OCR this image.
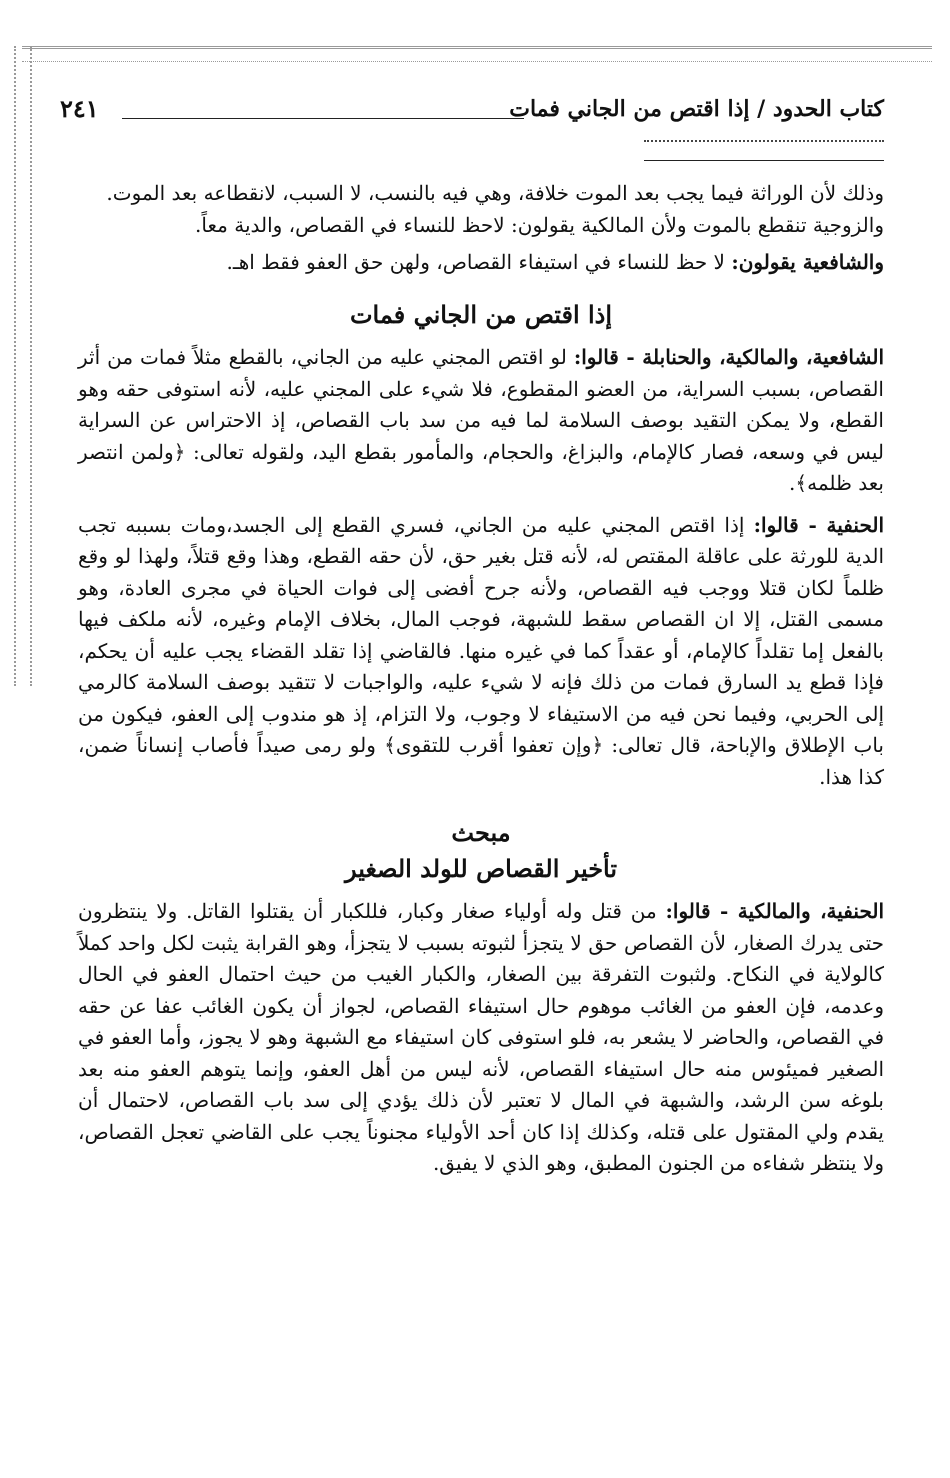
كتاب الحدود / إذا اقتص من الجاني فمات
٢٤١

وذلك لأن الوراثة فيما يجب بعد الموت خلافة، وهي فيه بالنسب، لا السبب، لانقطاعه بعد الموت.

والزوجية تنقطع بالموت ولأن المالكية يقولون: لاحظ للنساء في القصاص، والدية معاً.

والشافعية يقولون: لا حظ للنساء في استيفاء القصاص، ولهن حق العفو فقط اهـ.

إذا اقتص من الجاني فمات

الشافعية، والمالكية، والحنابلة - قالوا: لو اقتص المجني عليه من الجاني، بالقطع مثلاً فمات من أثر القصاص، بسبب السراية، من العضو المقطوع، فلا شيء على المجني عليه، لأنه استوفى حقه وهو القطع، ولا يمكن التقيد بوصف السلامة لما فيه من سد باب القصاص، إذ الاحتراس عن السراية ليس في وسعه، فصار كالإمام، والبزاغ، والحجام، والمأمور بقطع اليد، ولقوله تعالى: ﴿ولمن انتصر بعد ظلمه﴾.

الحنفية - قالوا: إذا اقتص المجني عليه من الجاني، فسري القطع إلى الجسد،ومات بسببه تجب الدية للورثة على عاقلة المقتص له، لأنه قتل بغير حق، لأن حقه القطع، وهذا وقع قتلاً، ولهذا لو وقع ظلماً لكان قتلا ووجب فيه القصاص، ولأنه جرح أفضى إلى فوات الحياة في مجرى العادة، وهو مسمى القتل، إلا ان القصاص سقط للشبهة، فوجب المال، بخلاف الإمام وغيره، لأنه ملكف فيها بالفعل إما تقلداً كالإمام، أو عقداً كما في غيره منها. فالقاضي إذا تقلد القضاء يجب عليه أن يحكم، فإذا قطع يد السارق فمات من ذلك فإنه لا شيء عليه، والواجبات لا تتقيد بوصف السلامة كالرمي إلى الحربي، وفيما نحن فيه من الاستيفاء لا وجوب، ولا التزام، إذ هو مندوب إلى العفو، فيكون من باب الإطلاق والإباحة، قال تعالى: ﴿وإن تعفوا أقرب للتقوى﴾ ولو رمى صيداً فأصاب إنساناً ضمن، كذا هذا.

مبحث
تأخير القصاص للولد الصغير

الحنفية، والمالكية - قالوا: من قتل وله أولياء صغار وكبار، فللكبار أن يقتلوا القاتل. ولا ينتظرون حتى يدرك الصغار، لأن القصاص حق لا يتجزأ لثبوته بسبب لا يتجزأ، وهو القرابة يثبت لكل واحد كملاً كالولاية في النكاح. ولثبوت التفرقة بين الصغار، والكبار الغيب من حيث احتمال العفو في الحال وعدمه، فإن العفو من الغائب موهوم حال استيفاء القصاص، لجواز أن يكون الغائب عفا عن حقه في القصاص، والحاضر لا يشعر به، فلو استوفى كان استيفاء مع الشبهة وهو لا يجوز، وأما العفو في الصغير فميئوس منه حال استيفاء القصاص، لأنه ليس من أهل العفو، وإنما يتوهم العفو منه بعد بلوغه سن الرشد، والشبهة في المال لا تعتبر لأن ذلك يؤدي إلى سد باب القصاص، لاحتمال أن يقدم ولي المقتول على قتله، وكذلك إذا كان أحد الأولياء مجنوناً يجب على القاضي تعجل القصاص، ولا ينتظر شفاءه من الجنون المطبق، وهو الذي لا يفيق.
